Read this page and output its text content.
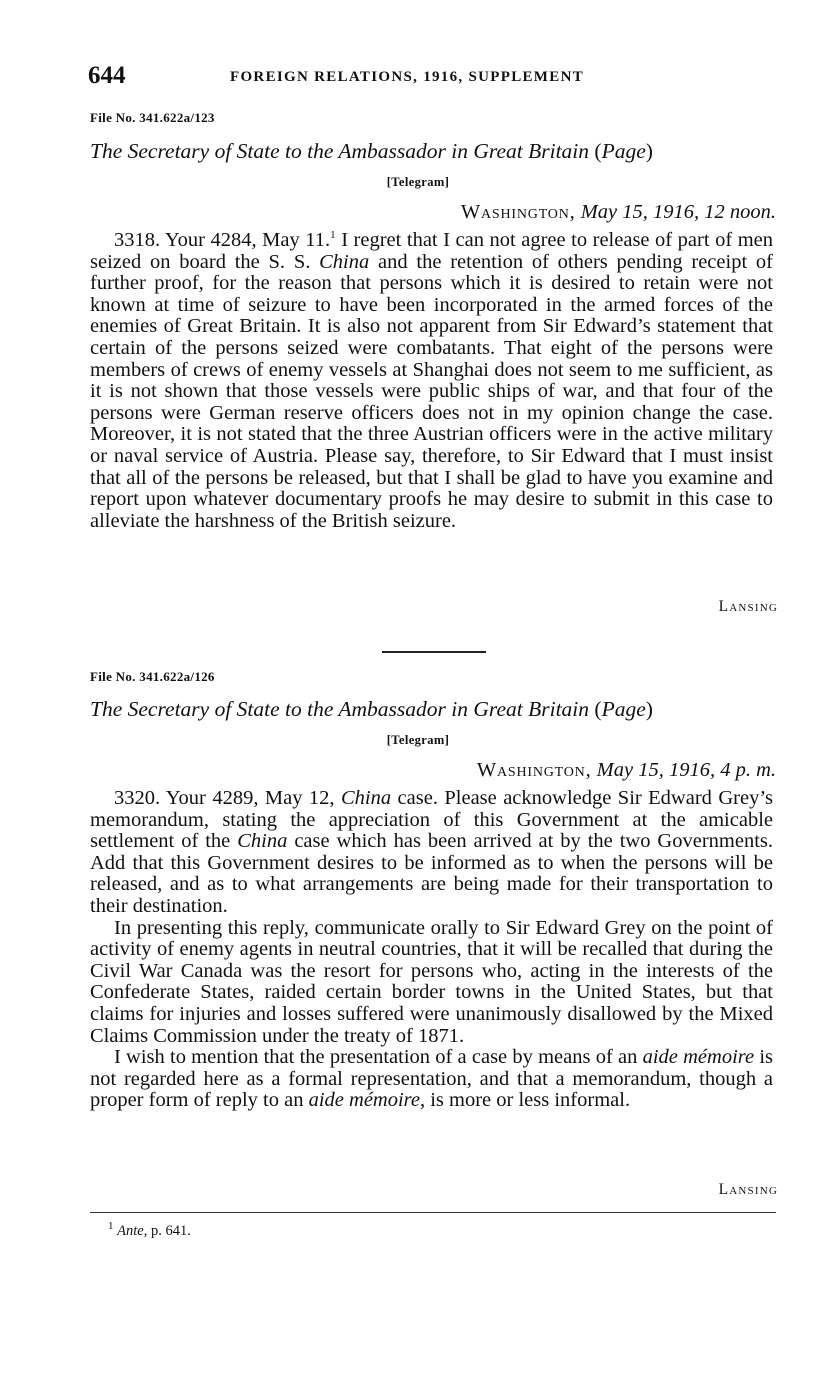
644	FOREIGN RELATIONS, 1916, SUPPLEMENT
File No. 341.622a/123
The Secretary of State to the Ambassador in Great Britain (Page)
[Telegram]
Washington, May 15, 1916, 12 noon.

3318. Your 4284, May 11.$^1$ I regret that I can not agree to release of part of men seized on board the S. S. China and the retention of others pending receipt of further proof, for the reason that persons which it is desired to retain were not known at time of seizure to have been incorporated in the armed forces of the enemies of Great Britain. It is also not apparent from Sir Edward’s statement that certain of the persons seized were combatants. That eight of the persons were members of crews of enemy vessels at Shanghai does not seem to me sufficient, as it is not shown that those vessels were public ships of war, and that four of the persons were German reserve officers does not in my opinion change the case. Moreover, it is not stated that the three Austrian officers were in the active military or naval service of Austria. Please say, therefore, to Sir Edward that I must insist that all of the persons be released, but that I shall be glad to have you examine and report upon whatever documentary proofs he may desire to submit in this case to alleviate the harshness of the British seizure.

Lansing
File No. 341.622a/126
The Secretary of State to the Ambassador in Great Britain (Page)
[Telegram]
Washington, May 15, 1916, 4 p. m.

3320. Your 4289, May 12, China case. Please acknowledge Sir Edward Grey’s memorandum, stating the appreciation of this Government at the amicable settlement of the China case which has been arrived at by the two Governments. Add that this Government desires to be informed as to when the persons will be released, and as to what arrangements are being made for their transportation to their destination.

In presenting this reply, communicate orally to Sir Edward Grey on the point of activity of enemy agents in neutral countries, that it will be recalled that during the Civil War Canada was the resort for persons who, acting in the interests of the Confederate States, raided certain border towns in the United States, but that claims for injuries and losses suffered were unanimously disallowed by the Mixed Claims Commission under the treaty of 1871.

I wish to mention that the presentation of a case by means of an aide mémoire is not regarded here as a formal representation, and that a memorandum, though a proper form of reply to an aide mémoire, is more or less informal.

Lansing
$^1$ Ante, p. 641.
